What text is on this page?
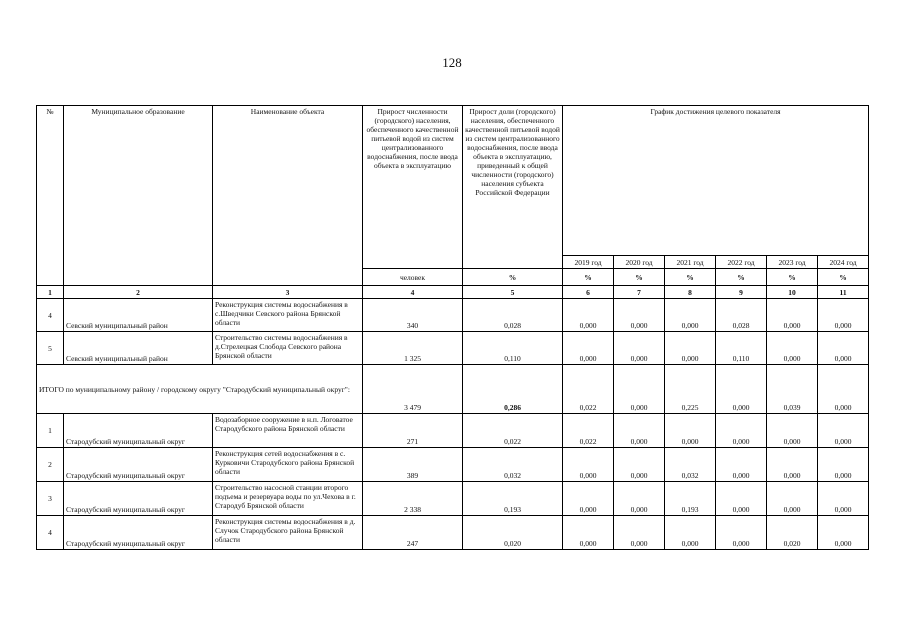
128
№	Муниципальное образование	Наименование объекта	Прирост численности (городского) населения, обеспеченного качественной питьевой водой из систем централизованного водоснабжения, после ввода объекта в эксплуатацию	Прирост доли (городского) населения, обеспеченного качественной питьевой водой из систем централизованного водоснабжения, после ввода объекта в эксплуатацию, приведенный к общей численности (городского) населения субъекта Российской Федерации	График достижения целевого показателя					
					2019 год	2020 год	2021 год	2022 год	2023 год	2024 год
			человек	%	%	%	%	%	%	%
1	2	3	4	5	6	7	8	9	10	11
4	Севский муниципальный район	Реконструкция системы водоснабжения в с.Шведчики Севского района Брянской области	340	0,028	0,000	0,000	0,000	0,028	0,000	0,000
5	Севский муниципальный район	Строительство системы водоснабжения в д.Стрелецкая Слобода Севского района Брянской области	1 325	0,110	0,000	0,000	0,000	0,110	0,000	0,000
ИТОГО по муниципальному району / городскому округу "Стародубский муниципальный округ":			3 479	0,286	0,022	0,000	0,225	0,000	0,039	0,000
1	Стародубский муниципальный округ	Водозаборное сооружение в н.п. Логоватое Стародубского района Брянской области	271	0,022	0,022	0,000	0,000	0,000	0,000	0,000
2	Стародубский муниципальный округ	Реконструкция сетей водоснабжения в с. Курковичи Стародубского района Брянской области	389	0,032	0,000	0,000	0,032	0,000	0,000	0,000
3	Стародубский муниципальный округ	Строительство насосной станции второго подъема и резервуара воды по ул.Чехова в г. Стародуб Брянской области	2 338	0,193	0,000	0,000	0,193	0,000	0,000	0,000
4	Стародубский муниципальный округ	Реконструкция системы водоснабжения в д. Случок Стародубского района Брянской области	247	0,020	0,000	0,000	0,000	0,000	0,020	0,000
